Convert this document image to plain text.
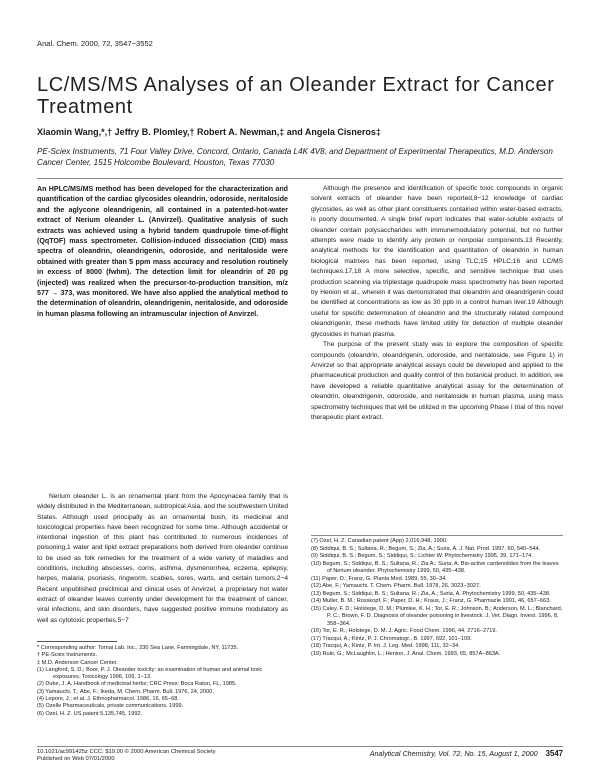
Anal. Chem. 2000, 72, 3547−3552
LC/MS/MS Analyses of an Oleander Extract for Cancer Treatment
Xiaomin Wang,*,† Jeffry B. Plomley,† Robert A. Newman,‡ and Angela Cisneros‡
PE-Sciex Instruments, 71 Four Valley Drive, Concord, Ontario, Canada L4K 4V8, and Department of Experimental Therapeutics, M.D. Anderson Cancer Center, 1515 Holcombe Boulevard, Houston, Texas 77030

An HPLC/MS/MS method has been developed for the characterization and quantification of the cardiac glycosides oleandrin, odoroside, neritaloside and the aglycone oleandrigenin, all contained in a patented-hot-water extract of Nerium oleander L. (Anvirzel). Qualitative analysis of such extracts was achieved using a hybrid tandem quadrupole time-of-flight (QqTOF) mass spectrometer. Collision-induced dissociation (CID) mass spectra of oleandrin, oleandrigenin, odoroside, and neritaloside were obtained with greater than 5 ppm mass accuracy and resolution routinely in excess of 8000 (fwhm). The detection limit for oleandrin of 20 pg (injected) was realized when the precursor-to-production transition, m/z 577 → 373, was monitored. We have also applied the analytical method to the determination of oleandrin, oleandrigenin, neritaloside, and odoroside in human plasma following an intramuscular injection of Anvirzel.

Nerium oleander L. is an ornamental plant from the Apocynacea family that is widely distributed in the Mediterranean, subtropical Asia, and the southwestern United States. Although used principally as an ornamental bush, its medicinal and toxicological properties have been recognized for some time. Although accidental or intentional ingestion of this plant has contributed to numerous incidences of poisoning,1 water and lipid extract preparations both derived from oleander continue to be used as folk remedies for the treatment of a wide variety of maladies and conditions, including abscesses, corns, asthma, dysmenorrhea, eczema, epilepsy, herpes, malaria, psoriasis, ringworm, scabies, sores, warts, and certain tumors.2−4 Recent unpublished preclinical and clinical uses of Anvirzel, a proprietary hot water extract of oleander leaves currently under development for the treatment of cancer, viral infections, and skin disorders, have suggested positive immune modulatory as well as cytotoxic properties.5−7

* Corresponding author: Tornai Lab. Inc., 230 Sea Lane, Farmingdale, NY, 11735.

† PE-Sciex Instruments.

‡ M.D. Anderson Cancer Center.

(1) Langford, S. D.; Boor, P. J. Oleander toxicity: an examination of human and animal toxic exposures. Toxicology 1996, 109, 1−13.

(2) Duke, J. A. Handbook of medicinal herbs; CRC Press: Boca Raton, FL, 1985.

(3) Yamauchi, T.; Abe, F.; Ikeda, M. Chem. Pharm. Bull. 1976, 24, 2000.

(4) Lepore, J.; et al. J. Ethnopharmacol. 1986, 16, 65−68.

(5) Ozelle Pharmaceuticals, private communications, 1999.

(6) Ozel, H. Z. US patent 5,135,745, 1992.

Although the presence and identification of specific toxic compounds in organic solvent extracts of oleander have been reported,8−12 knowledge of cardiac glycosides, as well as other plant constituents contained within water-based extracts, is poorly documented. A single brief report indicates that water-soluble extracts of oleander contain polysaccharides with immunemodulatory potential, but no further attempts were made to identify any protein or nonpolar components.13 Recently, analytical methods for the identification and quantitation of oleandrin in human biological matrixes has been reported, using TLC,15 HPLC,16 and LC/MS techniques.17,18 A more selective, specific, and sensitive technique that uses production scanning via triplestage quadrupole mass spectrometry has been reported by Henion et al., wherein it was demonstrated that oleandrin and oleandrigenin could be identified at concentrations as low as 30 ppb in a control human liver.19 Although useful for specific determination of oleandrin and the structurally related compound oleandrigenin, these methods have limited utility for detection of multiple oleander glycosides in human plasma.

The purpose of the present study was to explore the composition of specific compounds (oleandrin, oleandrigenin, odoroside, and neritaloside, see Figure 1) in Anvirzel so that appropriate analytical assays could be developed and applied to the pharmaceutical production and quality control of this botanical product. In addition, we have developed a reliable quantitative analytical assay for the determination of oleandrin, oleandrigenin, odoroside, and neritaloside in human plasma, using mass spectrometry techniques that will be utilized in the upcoming Phase I trial of this novel therapeutic plant extract.

(7) Ozel, H. Z. Canadian patent (App) 2,016,948, 1990.

(8) Siddiqui, B. S.; Sultana, R.; Begum, S.; Zia, A.; Suria, A. J. Nat. Prod. 1997, 60, 540−544.

(9) Siddiqui, B. S.; Begum, S.; Siddiqui, S.; Lichter W. Phytochemistry 1995, 39, 171−174.

(10) Begum, S.; Siddiqui, B. S.; Sultana, R.; Zia A.; Suria, A. Bio-active cardenolides from the leaves of Nerium oleander. Phytochemistry 1999, 50, 435−438.

(11) Paper, D.; Franz, G. Planta Med. 1989, 55, 30−34.

(12) Abe, F.; Yamauchi, T. Chem. Pharm. Bull. 1978, 26, 3023−3027.

(13) Begum, S.; Siddiqui, B. S.; Sultana, R.; Zia, A.; Suria, A. Phytochemistry 1999, 50, 435−438.

(14) Muller, B. M.; Rosskopf, F.; Paper, D. H.; Kraus, J.; Franz, G. Pharmazie 1991, 46, 657−663.

(15) Caley, F. D.; Holstege, D. M.; Plumlee, K. H.; Tor, E. R.; Johnson, B.; Anderson, M. L.; Blanchard, P. C.; Brown, F. D. Diagnosis of oleander poisoning in livestock. J. Vet. Diagn. Invest. 1996, 8, 358−364.

(16) Tor, E. R.; Holstege, D. M. J. Agric. Food Chem. 1996, 44, 2716−2719.

(17) Tracqui, A.; Kintz, P. J. Chromatogr., B. 1997, 692, 101−109.

(18) Tracqui, A.; Kintz, P. Int. J. Leg. Med. 1998, 111, 32−34.

(19) Rule, G.; McLaughlin, L.; Henion, J. Anal. Chem. 1993, 65, 857A−863A.

10.1021/ac991425z CCC: $19.00 © 2000 American Chemical Society
Published on Web 07/01/2000
Analytical Chemistry, Vol. 72, No. 15, August 1, 2000 3547
